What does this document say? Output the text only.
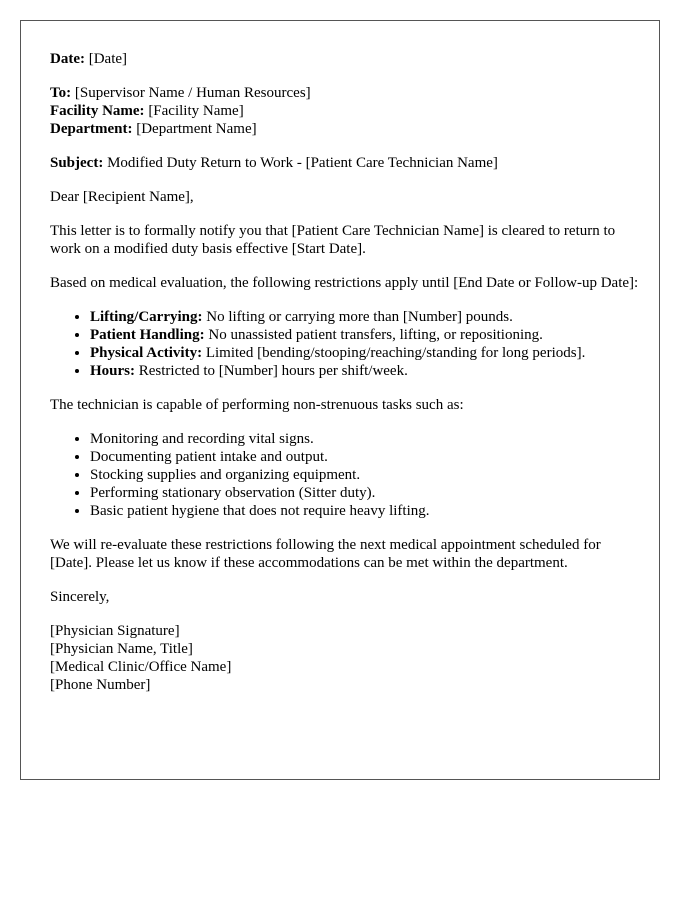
Date: [Date]

To: [Supervisor Name / Human Resources]
Facility Name: [Facility Name]
Department: [Department Name]

Subject: Modified Duty Return to Work - [Patient Care Technician Name]

Dear [Recipient Name],

This letter is to formally notify you that [Patient Care Technician Name] is cleared to return to work on a modified duty basis effective [Start Date].

Based on medical evaluation, the following restrictions apply until [End Date or Follow-up Date]:

• Lifting/Carrying: No lifting or carrying more than [Number] pounds.
• Patient Handling: No unassisted patient transfers, lifting, or repositioning.
• Physical Activity: Limited [bending/stooping/reaching/standing for long periods].
• Hours: Restricted to [Number] hours per shift/week.

The technician is capable of performing non-strenuous tasks such as:

• Monitoring and recording vital signs.
• Documenting patient intake and output.
• Stocking supplies and organizing equipment.
• Performing stationary observation (Sitter duty).
• Basic patient hygiene that does not require heavy lifting.

We will re-evaluate these restrictions following the next medical appointment scheduled for [Date]. Please let us know if these accommodations can be met within the department.

Sincerely,

[Physician Signature]
[Physician Name, Title]
[Medical Clinic/Office Name]
[Phone Number]
